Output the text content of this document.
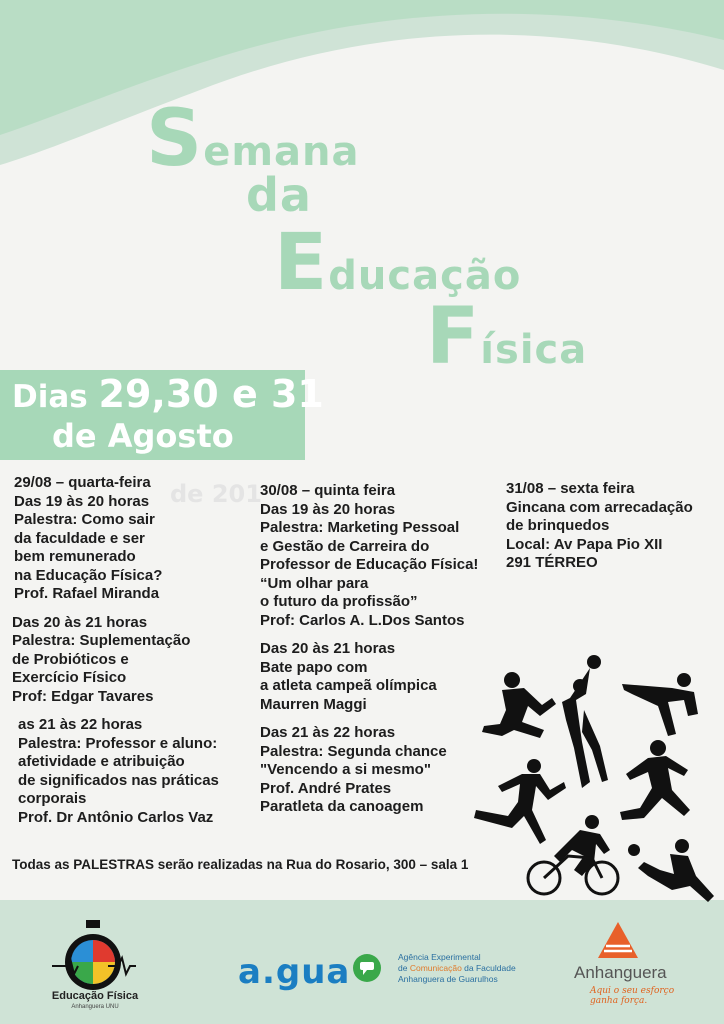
Semana
da
Educação
Física
Dias 29,30 e 31
de Agosto
de 201
29/08 – quarta-feira
Das 19 às 20 horas
Palestra: Como sair
da faculdade e ser
bem remunerado
na Educação Física?
Prof. Rafael Miranda
Das 20 às 21 horas
Palestra: Suplementação
de Probióticos e
Exercício Físico
Prof: Edgar Tavares
as 21 às 22 horas
Palestra: Professor e aluno:
afetividade e atribuição
de significados nas práticas
corporais
Prof. Dr Antônio Carlos Vaz
30/08 – quinta feira
Das 19 às 20 horas
Palestra: Marketing Pessoal
e Gestão de Carreira do
Professor de Educação Física!
“Um olhar para
o futuro da profissão”
Prof: Carlos A. L.Dos Santos
Das 20 às 21 horas
Bate papo com
a atleta campeã olímpica
Maurren Maggi
Das 21 às 22 horas
Palestra: Segunda chance
"Vencendo a si mesmo"
Prof. André Prates
Paratleta da canoagem
31/08 – sexta feira
Gincana com arrecadação
de brinquedos
Local: Av Papa Pio XII
291 TÉRREO
Todas as PALESTRAS serão realizadas na Rua do Rosario, 300 – sala 1
Educação Física
Anhanguera UNU
a.gua	Agência Experimental
de Comunicação da Faculdade
Anhanguera de Guarulhos	Anhanguera
Aqui o seu esforço ganha força.
